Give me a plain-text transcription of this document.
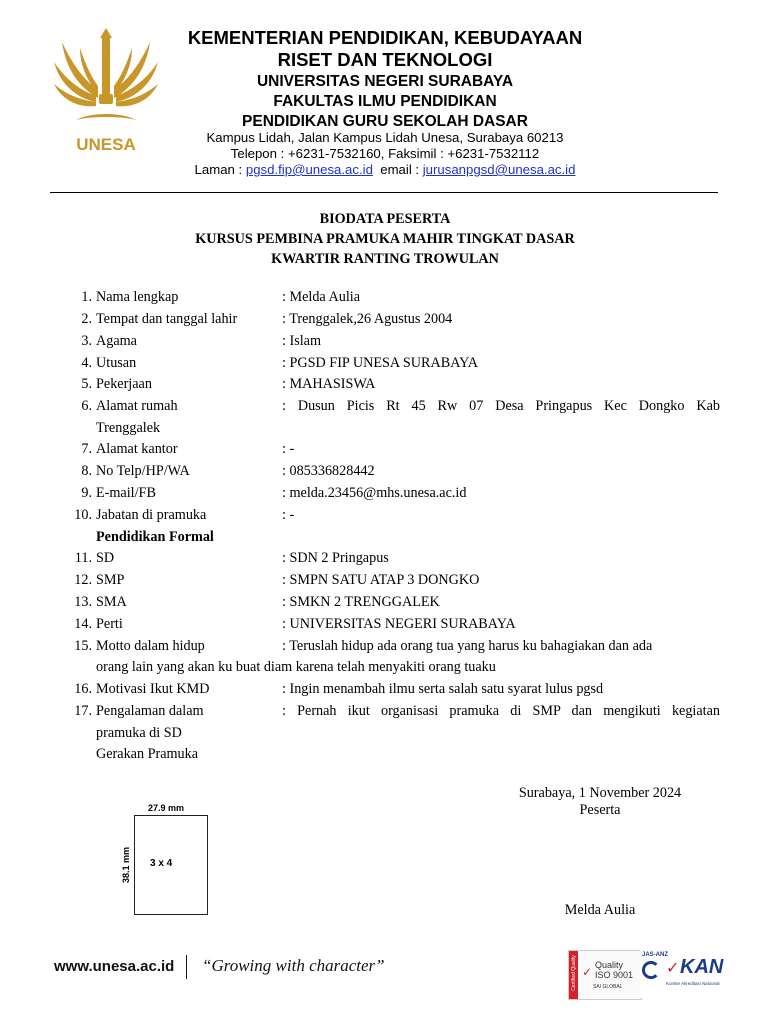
UNESA
KEMENTERIAN PENDIDIKAN, KEBUDAYAAN
RISET DAN TEKNOLOGI
UNIVERSITAS NEGERI SURABAYA
FAKULTAS ILMU PENDIDIKAN
PENDIDIKAN GURU SEKOLAH DASAR
Kampus Lidah, Jalan Kampus Lidah Unesa, Surabaya 60213
Telepon : +6231-7532160, Faksimil : +6231-7532112
Laman : pgsd.fip@unesa.ac.id  email : jurusanpgsd@unesa.ac.id
BIODATA PESERTA
KURSUS PEMBINA PRAMUKA MAHIR TINGKAT DASAR
KWARTIR RANTING TROWULAN
1. Nama lengkap	: Melda Aulia
2. Tempat dan tanggal lahir	: Trenggalek,26 Agustus 2004
3. Agama	: Islam
4. Utusan	: PGSD FIP UNESA SURABAYA
5. Pekerjaan	: MAHASISWA
6. Alamat rumah	: Dusun Picis Rt 45 Rw 07 Desa Pringapus Kec Dongko Kab
Trenggalek
7. Alamat kantor	: -
8. No Telp/HP/WA	: 085336828442
9. E-mail/FB	: melda.23456@mhs.unesa.ac.id
10. Jabatan di pramuka	: -
Pendidikan Formal
11. SD	: SDN 2 Pringapus
12. SMP	: SMPN SATU ATAP 3 DONGKO
13. SMA	: SMKN 2 TRENGGALEK
14. Perti	: UNIVERSITAS NEGERI SURABAYA
15. Motto dalam hidup	: Teruslah hidup ada orang tua yang harus ku bahagiakan dan ada
orang lain yang akan ku buat diam karena telah menyakiti orang tuaku
16. Motivasi Ikut KMD	: Ingin menambah ilmu serta salah satu syarat lulus pgsd
17. Pengalaman dalam	: Pernah ikut organisasi pramuka di SMP dan mengikuti kegiatan
pramuka di SD
Gerakan Pramuka
Surabaya, 1 November 2024
Peserta
Melda Aulia
27.9 mm
3 x 4
38.1 mm
www.unesa.ac.id “Growing with character”	Certified Quality Quality
ISO 9001
SAI GLOBAL
✓
JAS-ANZ
✓ KAN
Komite Akreditasi Nasional
